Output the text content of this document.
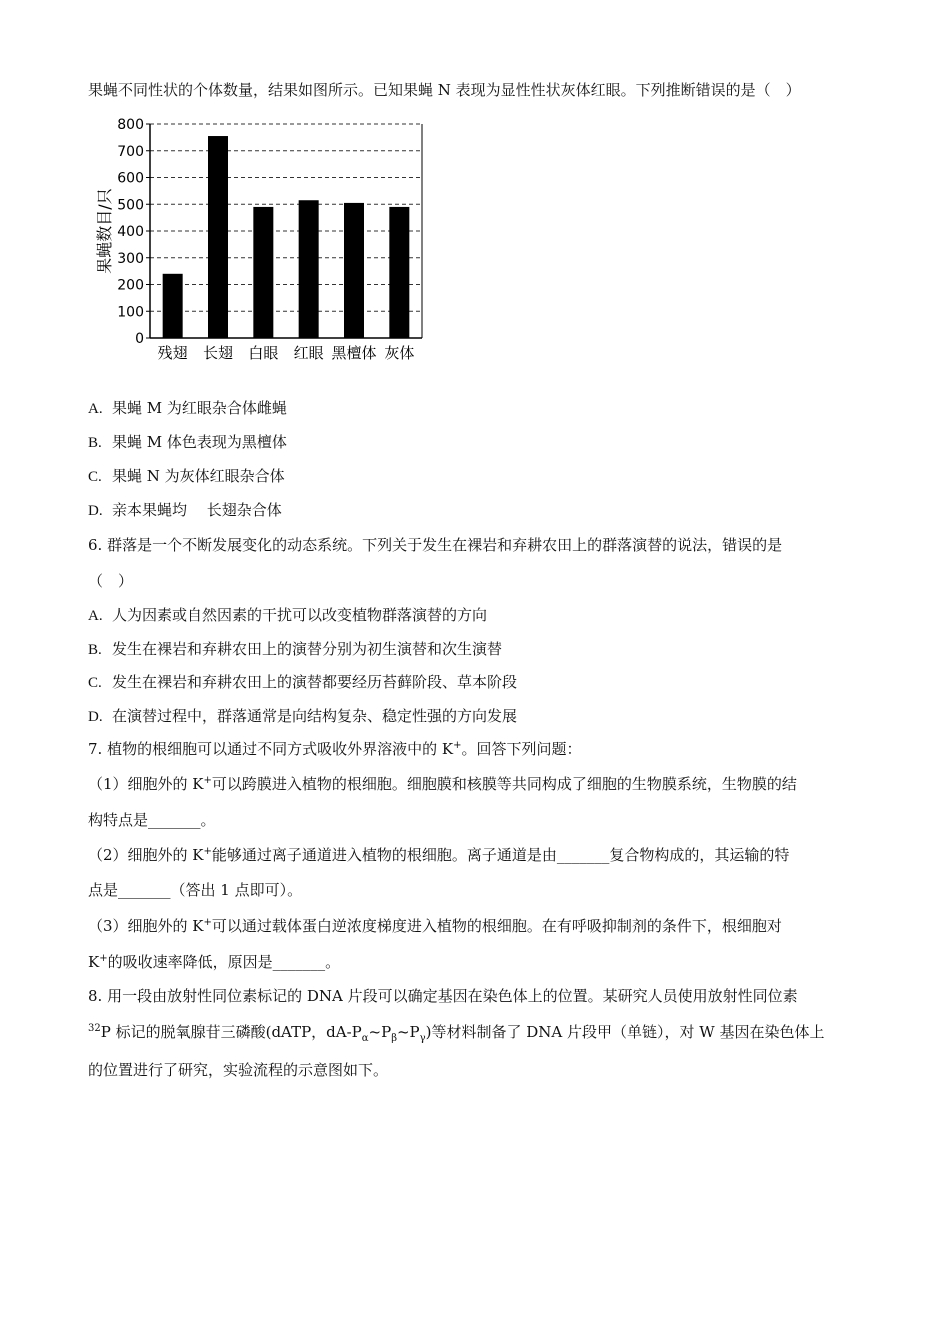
果蝇不同性状的个体数量，结果如图所示。已知果蝇 N 表现为显性性状灰体红眼。下列推断错误的是（　）
0
100
200
300
400
500
600
700
800
残翅 长翅 白眼 红眼 黑檀体 灰体
果蝇数目/只
A. 果蝇 M 为红眼杂合体雌蝇
B. 果蝇 M 体色表现为黑檀体
C. 果蝇 N 为灰体红眼杂合体
D. 亲本果蝇均　 长翅杂合体
6. 群落是一个不断发展变化的动态系统。下列关于发生在裸岩和弃耕农田上的群落演替的说法，错误的是
（　）
A. 人为因素或自然因素的干扰可以改变植物群落演替的方向
B. 发生在裸岩和弃耕农田上的演替分别为初生演替和次生演替
C. 发生在裸岩和弃耕农田上的演替都要经历苔藓阶段、草本阶段
D. 在演替过程中，群落通常是向结构复杂、稳定性强的方向发展
7. 植物的根细胞可以通过不同方式吸收外界溶液中的 K+。回答下列问题：
（1）细胞外的 K+可以跨膜进入植物的根细胞。细胞膜和核膜等共同构成了细胞的生物膜系统，生物膜的结
构特点是_______。
（2）细胞外的 K+能够通过离子通道进入植物的根细胞。离子通道是由_______复合物构成的，其运输的特
点是_______（答出 1 点即可）。
（3）细胞外的 K+可以通过载体蛋白逆浓度梯度进入植物的根细胞。在有呼吸抑制剂的条件下，根细胞对
K+的吸收速率降低，原因是_______。
8. 用一段由放射性同位素标记的 DNA 片段可以确定基因在染色体上的位置。某研究人员使用放射性同位素
$^{32}$P 标记的脱氧腺苷三磷酸(dATP，$dA-P_\alpha\sim P_\beta\sim P_\gamma$)等材料制备了 DNA 片段甲（单链），对 W 基因在染色体上
的位置进行了研究，实验流程的示意图如下。
